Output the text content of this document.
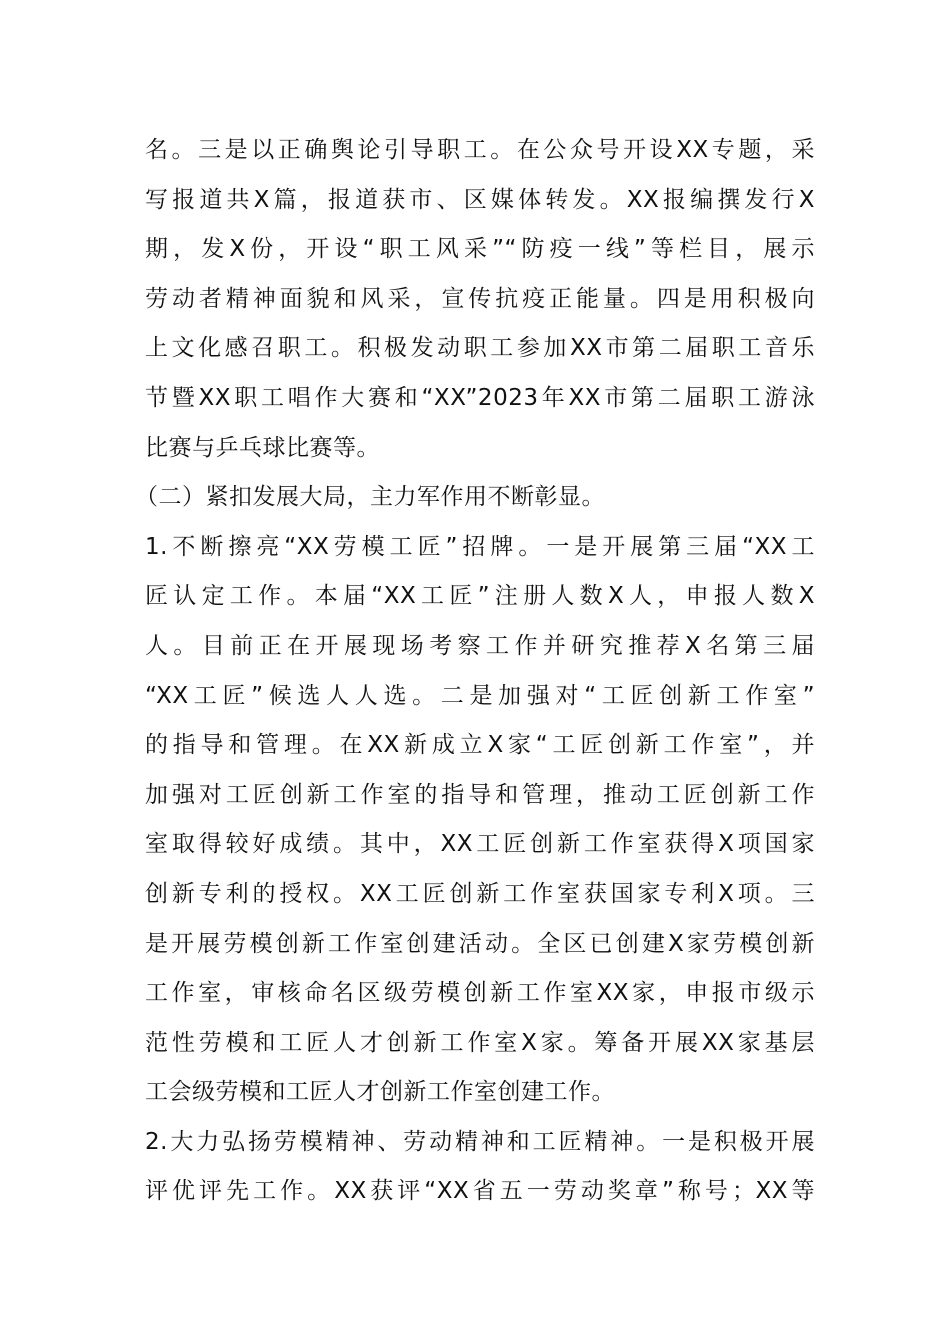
名。三是以正确舆论引导职工。在公众号开设XX专题，采
写报道共X篇，报道获市、区媒体转发。XX报编撰发行X
期，发X份，开设“职工风采”“防疫一线”等栏目，展示
劳动者精神面貌和风采，宣传抗疫正能量。四是用积极向
上文化感召职工。积极发动职工参加XX市第二届职工音乐
节暨XX职工唱作大赛和“XX”2023年XX市第二届职工游泳
比赛与乒乓球比赛等。
（二）紧扣发展大局，主力军作用不断彰显。
1.不断擦亮“XX劳模工匠”招牌。一是开展第三届“XX工
匠认定工作。本届“XX工匠”注册人数X人，申报人数X
人。目前正在开展现场考察工作并研究推荐X名第三届
“XX工匠”候选人人选。二是加强对“工匠创新工作室”
的指导和管理。在XX新成立X家“工匠创新工作室”，并
加强对工匠创新工作室的指导和管理，推动工匠创新工作
室取得较好成绩。其中，XX工匠创新工作室获得X项国家
创新专利的授权。XX工匠创新工作室获国家专利X项。三
是开展劳模创新工作室创建活动。全区已创建X家劳模创新
工作室，审核命名区级劳模创新工作室XX家，申报市级示
范性劳模和工匠人才创新工作室X家。筹备开展XX家基层
工会级劳模和工匠人才创新工作室创建工作。
2.大力弘扬劳模精神、劳动精神和工匠精神。一是积极开展
评优评先工作。XX获评“XX省五一劳动奖章”称号；XX等
